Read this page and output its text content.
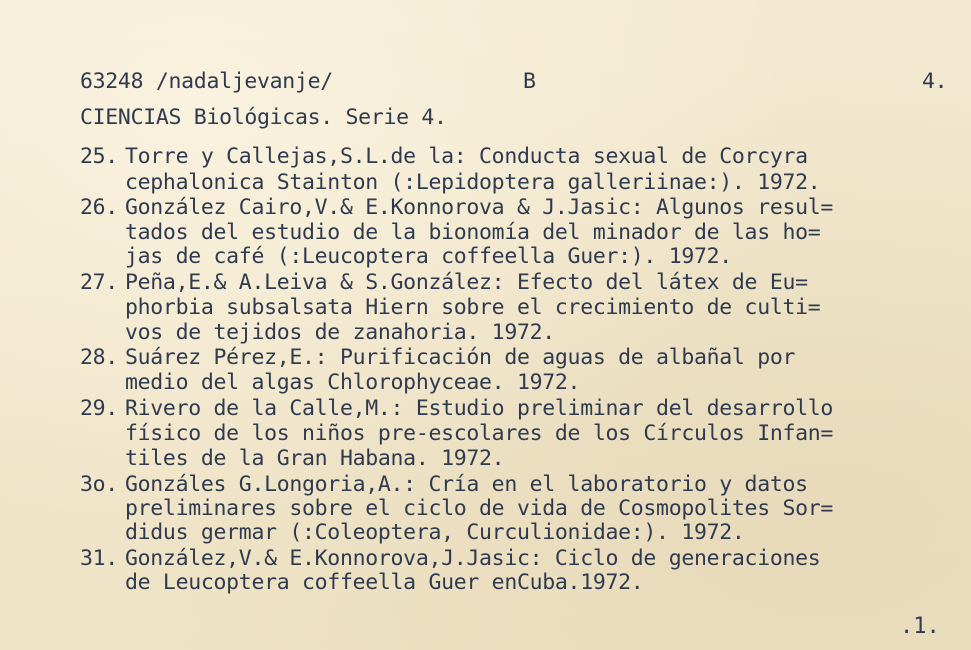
63248 /nadaljevanje/	B	4.
CIENCIAS Biológicas. Serie 4.
25. Torre y Callejas,S.L.de la: Conducta sexual de Corcyra
cephalonica Stainton (:Lepidoptera galleriinae:). 1972.
26. González Cairo,V.& E.Konnorova & J.Jasic: Algunos resul=
tados del estudio de la bionomía del minador de las ho=
jas de café (:Leucoptera coffeella Guer:). 1972.
27. Peña,E.& A.Leiva & S.González: Efecto del látex de Eu=
phorbia subsalsata Hiern sobre el crecimiento de culti=
vos de tejidos de zanahoria. 1972.
28. Suárez Pérez,E.: Purificación de aguas de albañal por
medio del algas Chlorophyceae. 1972.
29. Rivero de la Calle,M.: Estudio preliminar del desarrollo
físico de los niños pre-escolares de los Círculos Infan=
tiles de la Gran Habana. 1972.
3o. Gonzáles G.Longoria,A.: Cría en el laboratorio y datos
preliminares sobre el ciclo de vida de Cosmopolites Sor=
didus germar (:Coleoptera, Curculionidae:). 1972.
31. González,V.& E.Konnorova,J.Jasic: Ciclo de generaciones
de Leucoptera coffeella Guer enCuba.1972.
.1.
